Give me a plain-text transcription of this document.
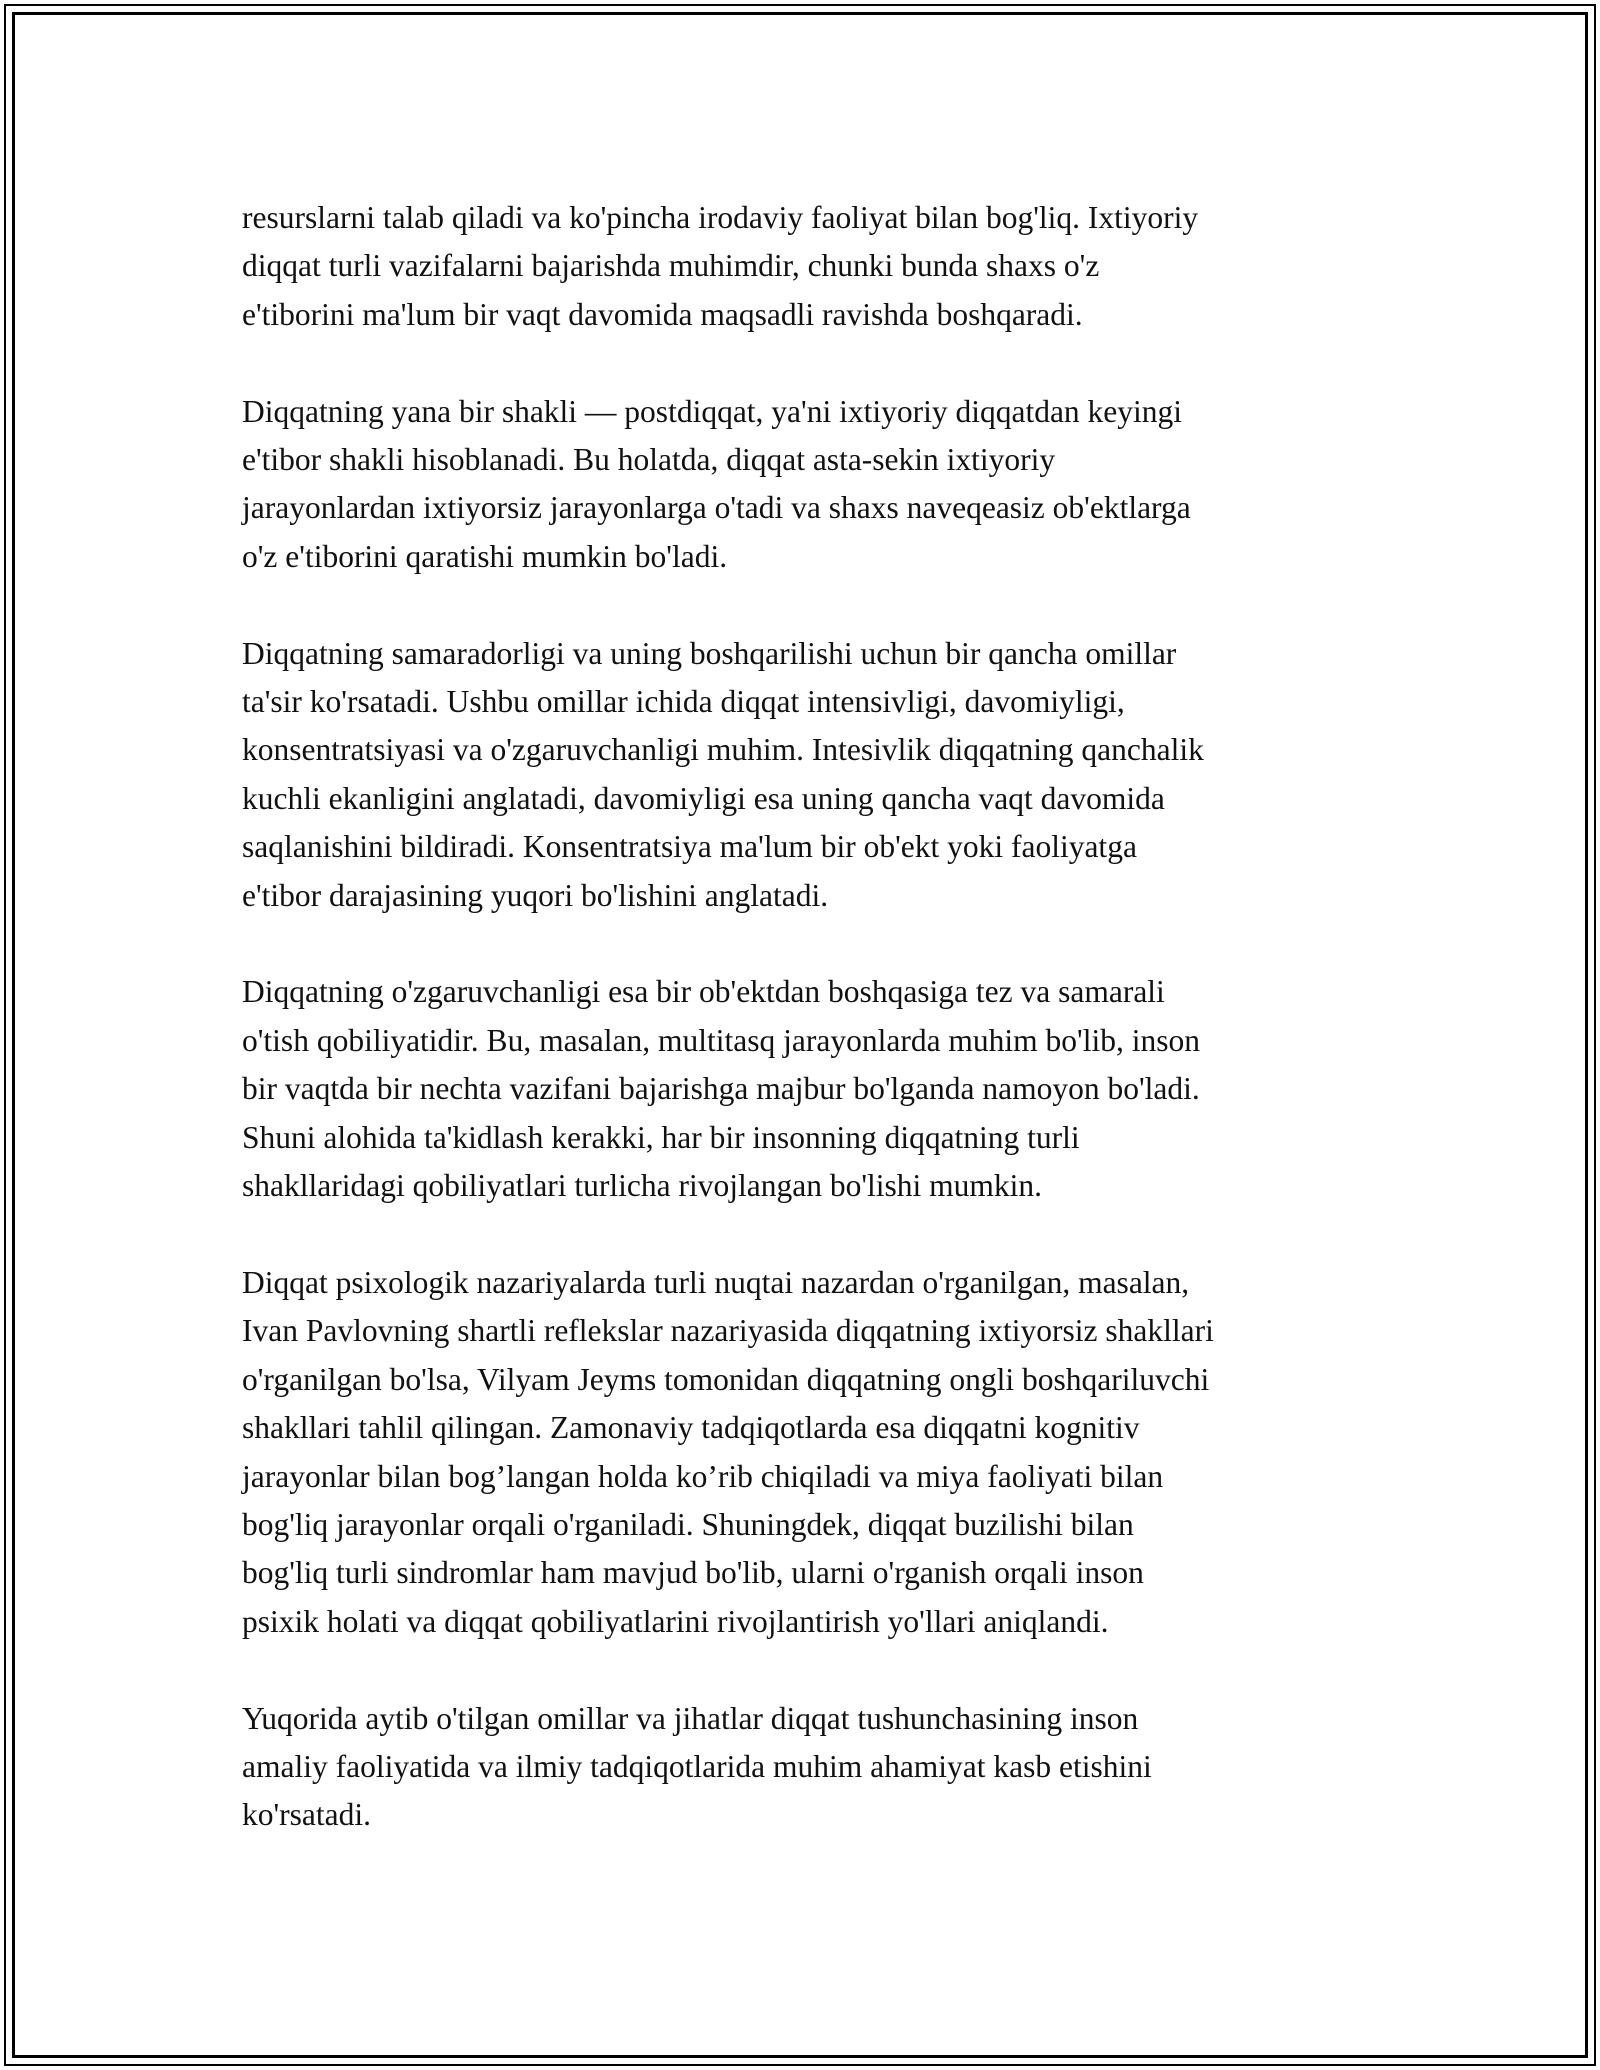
resurslarni talab qiladi va ko'pincha irodaviy faoliyat bilan bog'liq. Ixtiyoriy
diqqat turli vazifalarni bajarishda muhimdir, chunki bunda shaxs o'z
e'tiborini ma'lum bir vaqt davomida maqsadli ravishda boshqaradi.

Diqqatning yana bir shakli — postdiqqat, ya'ni ixtiyoriy diqqatdan keyingi
e'tibor shakli hisoblanadi. Bu holatda, diqqat asta-sekin ixtiyoriy
jarayonlardan ixtiyorsiz jarayonlarga o'tadi va shaxs naveqeasiz ob'ektlarga
o'z e'tiborini qaratishi mumkin bo'ladi.

Diqqatning samaradorligi va uning boshqarilishi uchun bir qancha omillar
ta'sir ko'rsatadi. Ushbu omillar ichida diqqat intensivligi, davomiyligi,
konsentratsiyasi va o'zgaruvchanligi muhim. Intesivlik diqqatning qanchalik
kuchli ekanligini anglatadi, davomiyligi esa uning qancha vaqt davomida
saqlanishini bildiradi. Konsentratsiya ma'lum bir ob'ekt yoki faoliyatga
e'tibor darajasining yuqori bo'lishini anglatadi.

Diqqatning o'zgaruvchanligi esa bir ob'ektdan boshqasiga tez va samarali
o'tish qobiliyatidir. Bu, masalan, multitasq jarayonlarda muhim bo'lib, inson
bir vaqtda bir nechta vazifani bajarishga majbur bo'lganda namoyon bo'ladi.
Shuni alohida ta'kidlash kerakki, har bir insonning diqqatning turli
shakllaridagi qobiliyatlari turlicha rivojlangan bo'lishi mumkin.

Diqqat psixologik nazariyalarda turli nuqtai nazardan o'rganilgan, masalan,
Ivan Pavlovning shartli reflekslar nazariyasida diqqatning ixtiyorsiz shakllari
o'rganilgan bo'lsa, Vilyam Jeyms tomonidan diqqatning ongli boshqariluvchi
shakllari tahlil qilingan. Zamonaviy tadqiqotlarda esa diqqatni kognitiv
jarayonlar bilan bog’langan holda ko’rib chiqiladi va miya faoliyati bilan
bog'liq jarayonlar orqali o'rganiladi. Shuningdek, diqqat buzilishi bilan
bog'liq turli sindromlar ham mavjud bo'lib, ularni o'rganish orqali inson
psixik holati va diqqat qobiliyatlarini rivojlantirish yo'llari aniqlandi.

Yuqorida aytib o'tilgan omillar va jihatlar diqqat tushunchasining inson
amaliy faoliyatida va ilmiy tadqiqotlarida muhim ahamiyat kasb etishini
ko'rsatadi.
